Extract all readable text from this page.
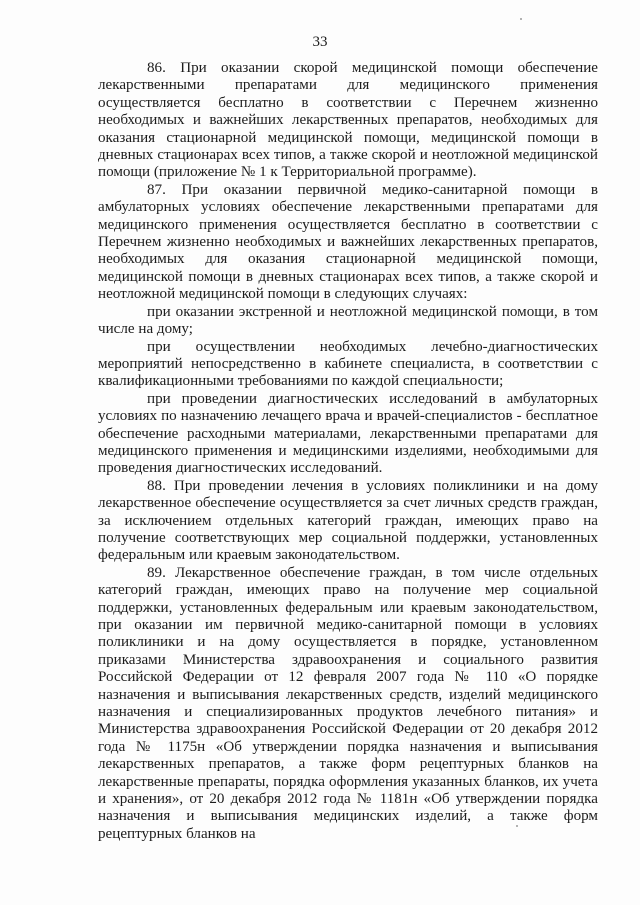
33

86. При оказании скорой медицинской помощи обеспечение лекарственными препаратами для медицинского применения осуществляется бесплатно в соответствии с Перечнем жизненно необходимых и важнейших лекарственных препаратов, необходимых для оказания стационарной медицинской помощи, медицинской помощи в дневных стационарах всех типов, а также скорой и неотложной медицинской помощи (приложение № 1 к Территориальной программе).

87. При оказании первичной медико-санитарной помощи в амбулаторных условиях обеспечение лекарственными препаратами для медицинского применения осуществляется бесплатно в соответствии с Перечнем жизненно необходимых и важнейших лекарственных препаратов, необходимых для оказания стационарной медицинской помощи, медицинской помощи в дневных стационарах всех типов, а также скорой и неотложной медицинской помощи в следующих случаях:

при оказании экстренной и неотложной медицинской помощи, в том числе на дому;

при осуществлении необходимых лечебно-диагностических мероприятий непосредственно в кабинете специалиста, в соответствии с квалификационными требованиями по каждой специальности;

при проведении диагностических исследований в амбулаторных условиях по назначению лечащего врача и врачей-специалистов - бесплатное обеспечение расходными материалами, лекарственными препаратами для медицинского применения и медицинскими изделиями, необходимыми для проведения диагностических исследований.

88. При проведении лечения в условиях поликлиники и на дому лекарственное обеспечение осуществляется за счет личных средств граждан, за исключением отдельных категорий граждан, имеющих право на получение соответствующих мер социальной поддержки, установленных федеральным или краевым законодательством.

89. Лекарственное обеспечение граждан, в том числе отдельных категорий граждан, имеющих право на получение мер социальной поддержки, установленных федеральным или краевым законодательством, при оказании им первичной медико-санитарной помощи в условиях поликлиники и на дому осуществляется в порядке, установленном приказами Министерства здравоохранения и социального развития Российской Федерации от 12 февраля 2007 года № 110 «О порядке назначения и выписывания лекарственных средств, изделий медицинского назначения и специализированных продуктов лечебного питания» и Министерства здравоохранения Российской Федерации от 20 декабря 2012 года № 1175н «Об утверждении порядка назначения и выписывания лекарственных препаратов, а также форм рецептурных бланков на лекарственные препараты, порядка оформления указанных бланков, их учета и хранения», от 20 декабря 2012 года № 1181н «Об утверждении порядка назначения и выписывания медицинских изделий, а также форм рецептурных бланков на
